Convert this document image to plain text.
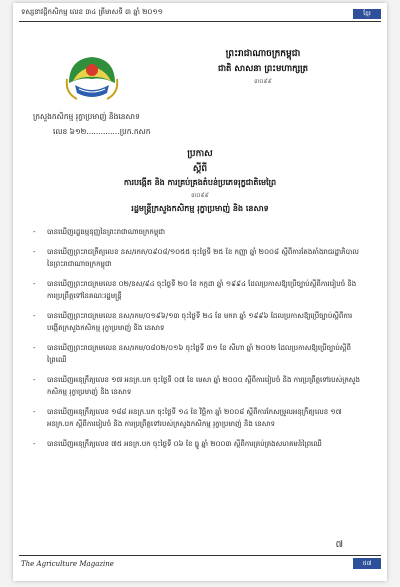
ទស្សនាវដ្តីកសិកម្ម លេខ ៣៤ ត្រីមាសទី ៣ ឆ្នាំ ២០១១	ខ្មែរ
ក្រសួងកសិកម្ម រុក្ខាប្រមាញ់ និងនេសាទ
លេខ ៦១២..............ប្រក.កសក
ព្រះរាជាណាចក្រកម្ពុជា
ជាតិ សាសនា ព្រះមហាក្សត្រ
៣០៩៩
ប្រកាស
ស្តីពី
ការបង្កើត និង ការគ្រប់គ្រងតំបន់ប្រភេទរុក្ខជាតិមេព្រៃ
៣០៩៩
រដ្ឋមន្ត្រីក្រសួងកសិកម្ម រុក្ខាប្រមាញ់ និង នេសាទ
-	បានឃើញរដ្ឋធម្មនុញ្ញនៃព្រះរាជាណាចក្រកម្ពុជា
-	បានឃើញព្រះរាជក្រឹត្យលេខ នស/រកត/០៩០៨/១០៥៥ ចុះថ្ងៃទី ២៥ ខែ កញ្ញា ឆ្នាំ ២០០៨ ស្តីពីការតែងតាំងរាជរដ្ឋាភិបាល នៃព្រះរាជាណាចក្រកម្ពុជា
-	បានឃើញព្រះរាជក្រមលេខ ០២/នស/៩៤ ចុះថ្ងៃទី ២០ ខែ កក្កដា ឆ្នាំ ១៩៩៤ ដែលប្រកាសឱ្យប្រើច្បាប់ស្តីពីការរៀបចំ និង ការប្រព្រឹត្តទៅនៃគណៈរដ្ឋមន្ត្រី
-	បានឃើញព្រះរាជក្រមលេខ នស/រកម/០១៩៦/១៣ ចុះថ្ងៃទី ២៤ ខែ មករា ឆ្នាំ ១៩៩៦ ដែលប្រកាសឱ្យប្រើច្បាប់ស្តីពីការបង្កើតក្រសួងកសិកម្ម រុក្ខាប្រមាញ់ និង នេសាទ
-	បានឃើញព្រះរាជក្រមលេខ នស/រកម/០៨០២/០១៦ ចុះថ្ងៃទី ៣១ ខែ សីហា ឆ្នាំ ២០០២ ដែលប្រកាសឱ្យប្រើច្បាប់ស្តីពីព្រៃឈើ
-	បានឃើញអនុក្រឹត្យលេខ ១៧ អនក្រ.បក ចុះថ្ងៃទី ០៧ ខែ មេសា ឆ្នាំ ២០០០ ស្តីពីការរៀបចំ និង ការប្រព្រឹត្តទៅរបស់ក្រសួងកសិកម្ម រុក្ខាប្រមាញ់ និង នេសាទ
-	បានឃើញអនុក្រឹត្យលេខ ១៨៨ អនក្រ.បក ចុះថ្ងៃទី ១៤ ខែ វិច្ឆិកា ឆ្នាំ ២០០៨ ស្តីពីការកែសម្រួលអនុក្រឹត្យលេខ ១៧ អនក្រ.បក ស្តីពីការរៀបចំ និង ការប្រព្រឹត្តទៅរបស់ក្រសួងកសិកម្ម រុក្ខាប្រមាញ់ និង នេសាទ
-	បានឃើញអនុក្រឹត្យលេខ ៧៥ អនក្រ.បក ចុះថ្ងៃទី ០៦ ខែ ធ្នូ ឆ្នាំ ២០០៣ ស្តីពីការគ្រប់គ្រងសហគមន៍ព្រៃឈើ
៧
The Agriculture Magazine	៥៧
